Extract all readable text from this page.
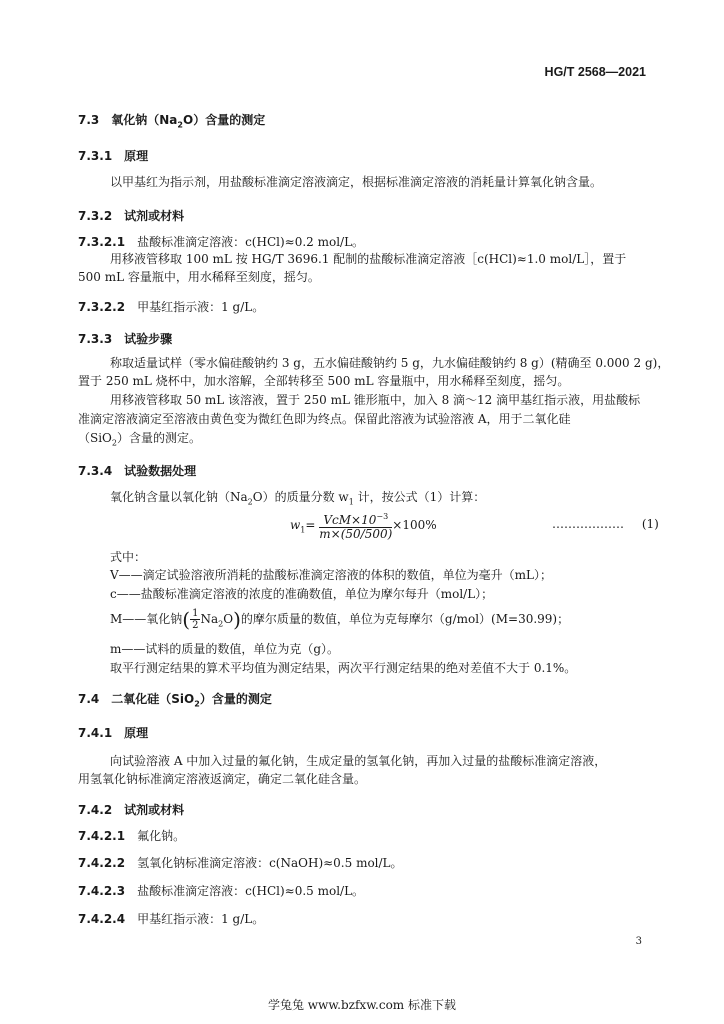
HG/T 2568—2021
7.3 氧化钠$(Na_2O)$含量的测定
7.3.1 原理
以甲基红为指示剂，用盐酸标准滴定溶液滴定，根据标准滴定溶液的消耗量计算氧化钠含量。
7.3.2 试剂或材料
7.3.2.1 盐酸标准滴定溶液：c(HCl)≈0.2 mol/L。
用移液管移取 100 mL 按 HG/T 3696.1 配制的盐酸标准滴定溶液［c(HCl)≈1.0 mol/L］，置于
500 mL 容量瓶中，用水稀释至刻度，摇匀。
7.3.2.2 甲基红指示液：1 g/L。
7.3.3 试验步骤
称取适量试样（零水偏硅酸钠约 3 g，五水偏硅酸钠约 5 g，九水偏硅酸钠约 8 g）(精确至 0.000 2 g)，
置于 250 mL 烧杯中，加水溶解，全部转移至 500 mL 容量瓶中，用水稀释至刻度，摇匀。
用移液管移取 50 mL 该溶液，置于 250 mL 锥形瓶中，加入 8 滴～12 滴甲基红指示液，用盐酸标
准滴定溶液滴定至溶液由黄色变为微红色即为终点。保留此溶液为试验溶液 A，用于二氧化硅
（SiO$_2$）含量的测定。
7.3.4 试验数据处理
氧化钠含量以氧化钠$(Na_2O)$的质量分数 $w_1$ 计，按公式（1）计算：
$w_1= \frac{VcM\times 10^{-3}}{m\times(50/500)} \times 100\%$	……………… (1)
式中：
V——滴定试验溶液所消耗的盐酸标准滴定溶液的体积的数值，单位为毫升（mL）；
c——盐酸标准滴定溶液的浓度的准确数值，单位为摩尔每升（mol/L）；
M——氧化钠( $\frac{1}{2} Na_2O$)的摩尔质量的数值，单位为克每摩尔（g/mol）(M=30.99)；
m——试料的质量的数值，单位为克（g）。
取平行测定结果的算术平均值为测定结果，两次平行测定结果的绝对差值不大于 0.1%。
7.4 二氧化硅（SiO$_2$）含量的测定
7.4.1 原理
向试验溶液 A 中加入过量的氟化钠，生成定量的氢氧化钠，再加入过量的盐酸标准滴定溶液，
用氢氧化钠标准滴定溶液返滴定，确定二氧化硅含量。
7.4.2 试剂或材料
7.4.2.1 氟化钠。
7.4.2.2 氢氧化钠标准滴定溶液：c(NaOH)≈0.5 mol/L。
7.4.2.3 盐酸标准滴定溶液：c(HCl)≈0.5 mol/L。
7.4.2.4 甲基红指示液：1 g/L。
3
学兔兔 www.bzfxw.com 标准下载
